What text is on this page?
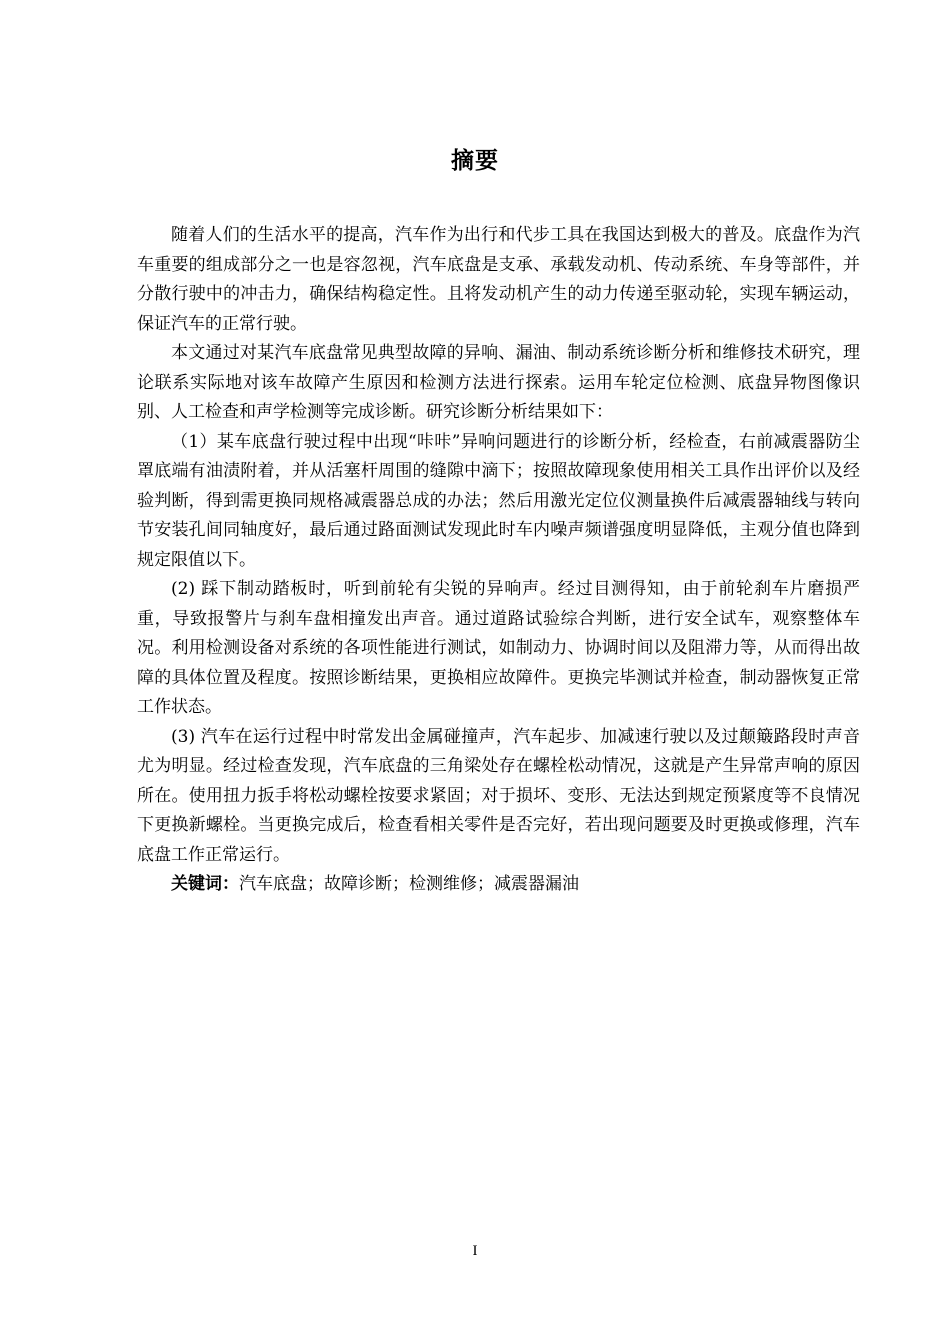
摘要

随着人们的生活水平的提高，汽车作为出行和代步工具在我国达到极大的普及。底盘作为汽车重要的组成部分之一也是容忽视，汽车底盘是支承、承载发动机、传动系统、车身等部件，并分散行驶中的冲击力，确保结构稳定性。且将发动机产生的动力传递至驱动轮，实现车辆运动，保证汽车的正常行驶。

本文通过对某汽车底盘常见典型故障的异响、漏油、制动系统诊断分析和维修技术研究，理论联系实际地对该车故障产生原因和检测方法进行探索。运用车轮定位检测、底盘异物图像识别、人工检查和声学检测等完成诊断。研究诊断分析结果如下：

（1）某车底盘行驶过程中出现“咔咔”异响问题进行的诊断分析，经检查，右前减震器防尘罩底端有油渍附着，并从活塞杆周围的缝隙中滴下；按照故障现象使用相关工具作出评价以及经验判断，得到需更换同规格减震器总成的办法；然后用激光定位仪测量换件后减震器轴线与转向节安装孔间同轴度好，最后通过路面测试发现此时车内噪声频谱强度明显降低，主观分值也降到规定限值以下。

(2) 踩下制动踏板时，听到前轮有尖锐的异响声。经过目测得知，由于前轮刹车片磨损严重，导致报警片与刹车盘相撞发出声音。通过道路试验综合判断，进行安全试车，观察整体车况。利用检测设备对系统的各项性能进行测试，如制动力、协调时间以及阻滞力等，从而得出故障的具体位置及程度。按照诊断结果，更换相应故障件。更换完毕测试并检查，制动器恢复正常工作状态。

(3) 汽车在运行过程中时常发出金属碰撞声，汽车起步、加减速行驶以及过颠簸路段时声音尤为明显。经过检查发现，汽车底盘的三角梁处存在螺栓松动情况，这就是产生异常声响的原因所在。使用扭力扳手将松动螺栓按要求紧固；对于损坏、变形、无法达到规定预紧度等不良情况下更换新螺栓。当更换完成后，检查看相关零件是否完好，若出现问题要及时更换或修理，汽车底盘工作正常运行。

关键词：汽车底盘；故障诊断；检测维修；减震器漏油

I
